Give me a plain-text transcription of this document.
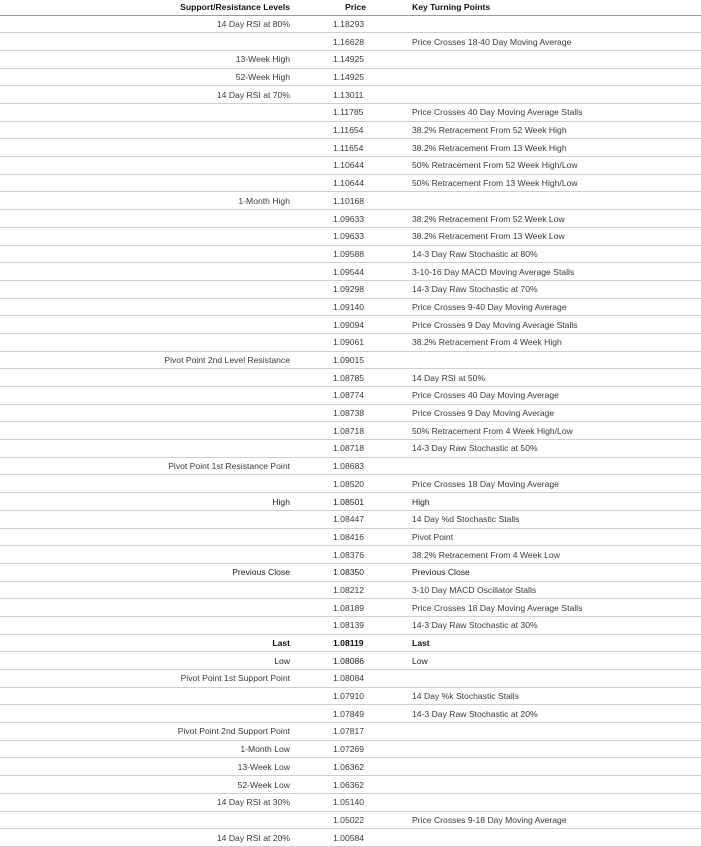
Support/Resistance Levels	Price	Key Turning Points
14 Day RSI at 80%	1.18293	
	1.16628	Price Crosses 18-40 Day Moving Average
13-Week High	1.14925	
52-Week High	1.14925	
14 Day RSI at 70%	1.13011	
	1.11785	Price Crosses 40 Day Moving Average Stalls
	1.11654	38.2% Retracement From 52 Week High
	1.11654	38.2% Retracement From 13 Week High
	1.10644	50% Retracement From 52 Week High/Low
	1.10644	50% Retracement From 13 Week High/Low
1-Month High	1.10168	
	1.09633	38.2% Retracement From 52 Week Low
	1.09633	38.2% Retracement From 13 Week Low
	1.09588	14-3 Day Raw Stochastic at 80%
	1.09544	3-10-16 Day MACD Moving Average Stalls
	1.09298	14-3 Day Raw Stochastic at 70%
	1.09140	Price Crosses 9-40 Day Moving Average
	1.09094	Price Crosses 9 Day Moving Average Stalls
	1.09061	38.2% Retracement From 4 Week High
Pivot Point 2nd Level Resistance	1.09015	
	1.08785	14 Day RSI at 50%
	1.08774	Price Crosses 40 Day Moving Average
	1.08738	Price Crosses 9 Day Moving Average
	1.08718	50% Retracement From 4 Week High/Low
	1.08718	14-3 Day Raw Stochastic at 50%
Pivot Point 1st Resistance Point	1.08683	
	1.08520	Price Crosses 18 Day Moving Average
High	1.08501	High
	1.08447	14 Day %d Stochastic Stalls
	1.08416	Pivot Point
	1.08376	38.2% Retracement From 4 Week Low
Previous Close	1.08350	Previous Close
	1.08212	3-10 Day MACD Oscillator Stalls
	1.08189	Price Crosses 18 Day Moving Average Stalls
	1.08139	14-3 Day Raw Stochastic at 30%
Last	1.08119	Last
Low	1.08086	Low
Pivot Point 1st Support Point	1.08084	
	1.07910	14 Day %k Stochastic Stalls
	1.07849	14-3 Day Raw Stochastic at 20%
Pivot Point 2nd Support Point	1.07817	
1-Month Low	1.07269	
13-Week Low	1.06362	
52-Week Low	1.06362	
14 Day RSI at 30%	1.05140	
	1.05022	Price Crosses 9-18 Day Moving Average
14 Day RSI at 20%	1.00584	
